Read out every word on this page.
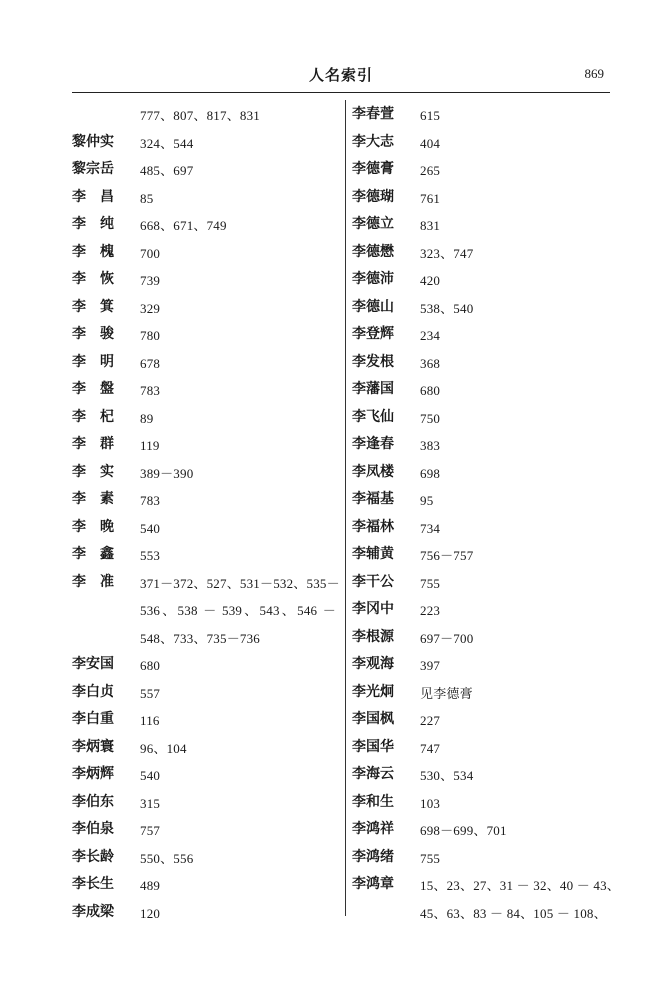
人名索引	869
777、807、817、831
黎仲实 324、544
黎宗岳 485、697
李　昌 85
李　纯 668、671、749
李　槐 700
李　恢 739
李　箕 329
李　骏 780
李　明 678
李　盤 783
李　杞 89
李　群 119
李　实 389－390
李　素 783
李　晚 540
李　鑫 553
李　准 371－372、527、531－532、535－
536、538 － 539、543、546 －
548、733、735－736
李安国 680
李白贞 557
李白重 116
李炳寰 96、104
李炳辉 540
李伯东 315
李伯泉 757
李长龄 550、556
李长生 489
李成梁 120
李春萱 615
李大志 404
李德膏 265
李德瑚 761
李德立 831
李德懋 323、747
李德沛 420
李德山 538、540
李登辉 234
李发根 368
李藩国 680
李飞仙 750
李逢春 383
李凤楼 698
李福基 95
李福林 734
李辅黄 756－757
李干公 755
李冈中 223
李根源 697－700
李观海 397
李光炯 见李德膏
李国枫 227
李国华 747
李海云 530、534
李和生 103
李鸿祥 698－699、701
李鸿绪 755
李鸿章 15、23、27、31 － 32、40 － 43、
45、63、83 － 84、105 － 108、
